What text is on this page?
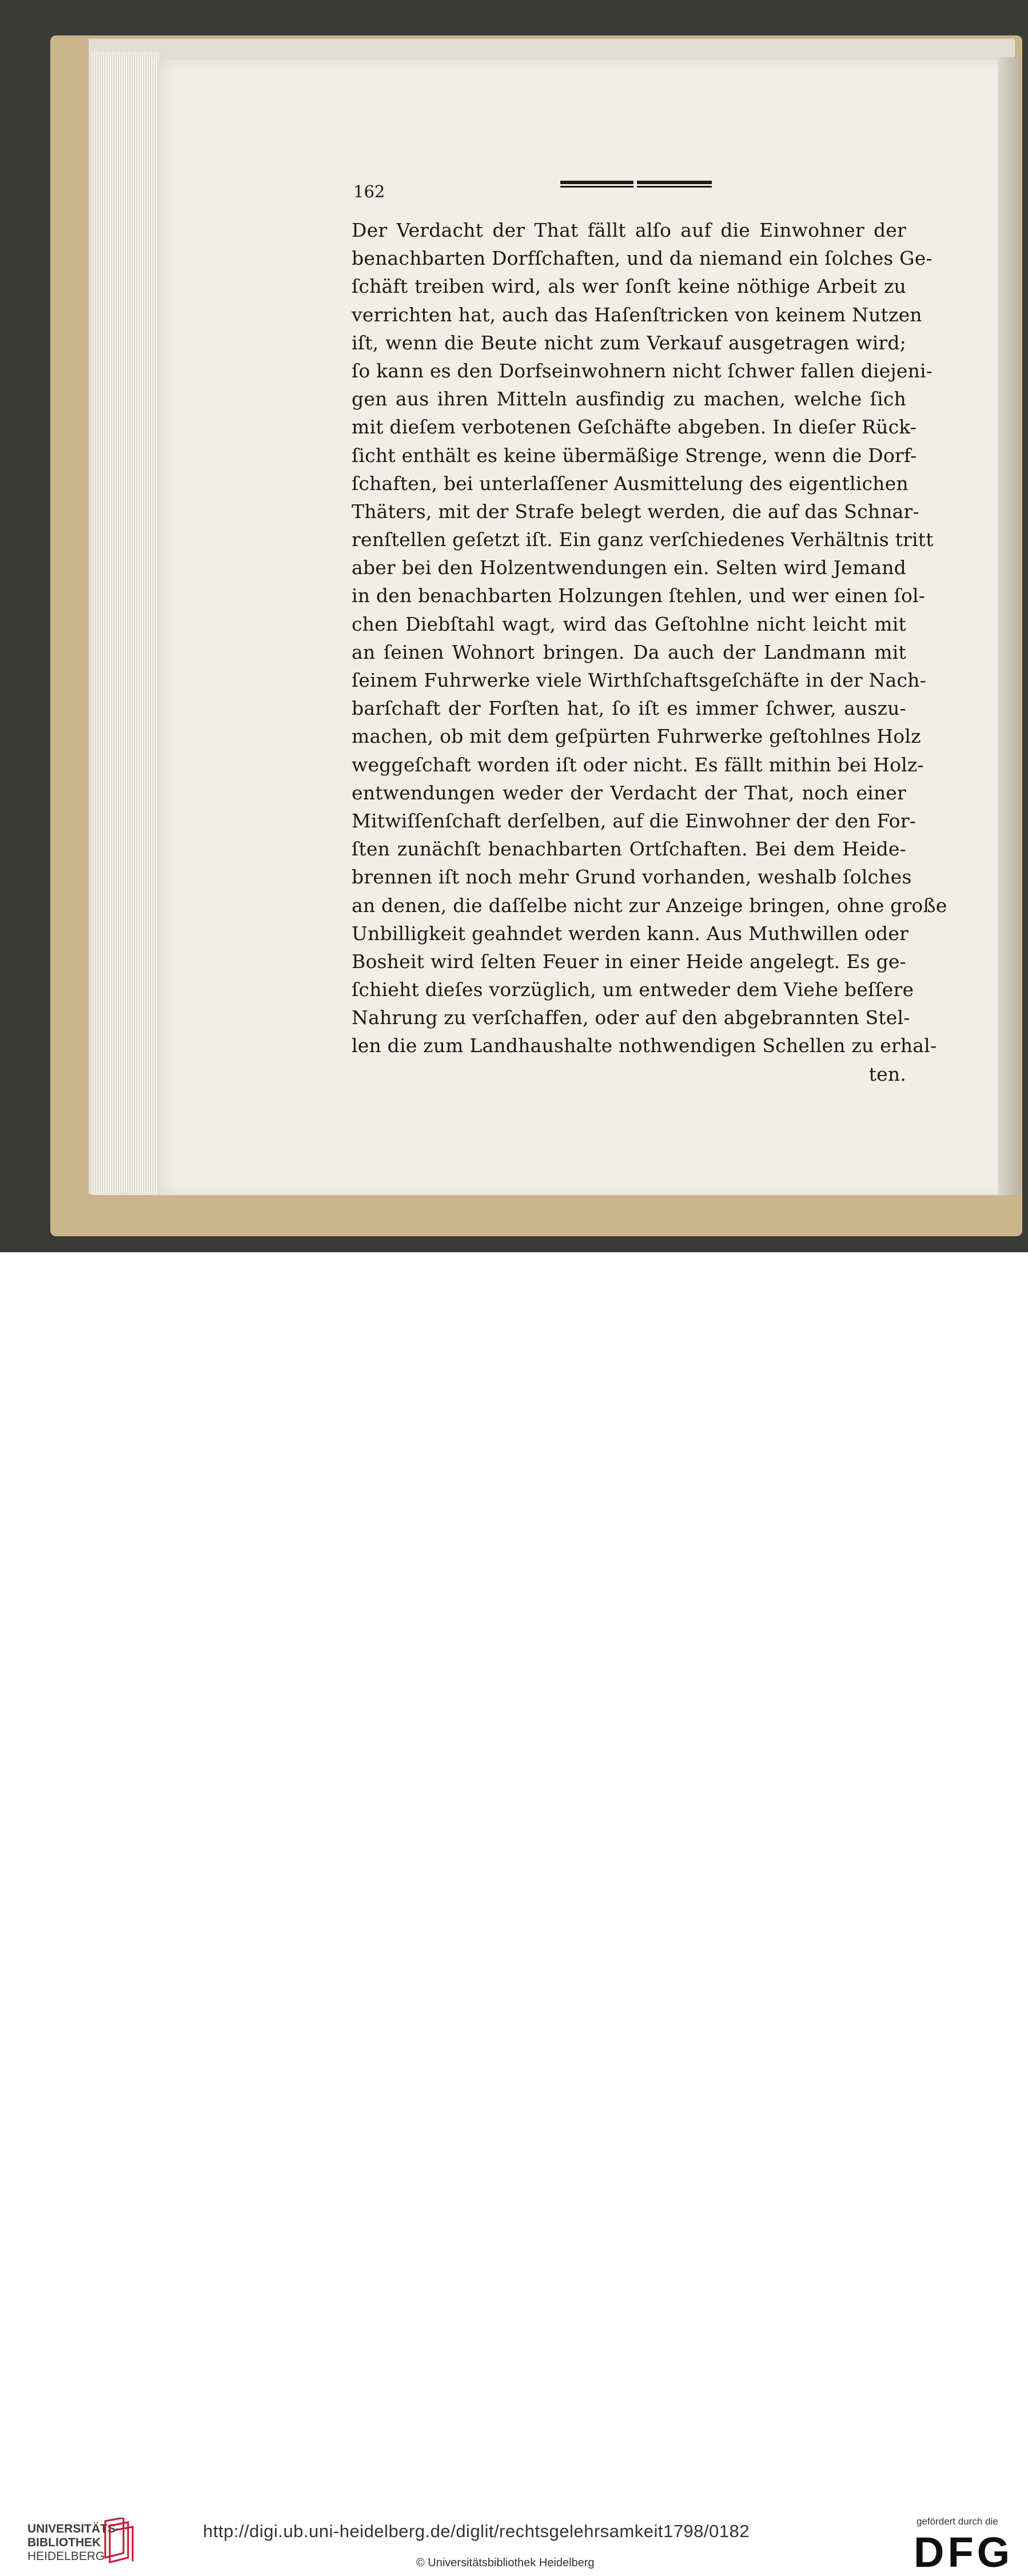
162
Der Verdacht der That fällt alſo auf die Einwohner der
benachbarten Dorfſchaften, und da niemand ein ſolches Ge-
ſchäft treiben wird, als wer ſonſt keine nöthige Arbeit zu
verrichten hat, auch das Haſenſtricken von keinem Nutzen
iſt, wenn die Beute nicht zum Verkauf ausgetragen wird;
ſo kann es den Dorfseinwohnern nicht ſchwer fallen diejeni-
gen aus ihren Mitteln ausfindig zu machen, welche ſich
mit dieſem verbotenen Geſchäfte abgeben. In dieſer Rück-
ſicht enthält es keine übermäßige Strenge, wenn die Dorf-
ſchaften, bei unterlaſſener Ausmittelung des eigentlichen
Thäters, mit der Strafe belegt werden, die auf das Schnar-
renſtellen geſetzt iſt. Ein ganz verſchiedenes Verhältnis tritt
aber bei den Holzentwendungen ein. Selten wird Jemand
in den benachbarten Holzungen ſtehlen, und wer einen ſol-
chen Diebſtahl wagt, wird das Geſtohlne nicht leicht mit
an ſeinen Wohnort bringen. Da auch der Landmann mit
ſeinem Fuhrwerke viele Wirthſchaftsgeſchäfte in der Nach-
barſchaft der Forſten hat, ſo iſt es immer ſchwer, auszu-
machen, ob mit dem geſpürten Fuhrwerke geſtohlnes Holz
weggeſchaft worden iſt oder nicht. Es fällt mithin bei Holz-
entwendungen weder der Verdacht der That, noch einer
Mitwiſſenſchaft derſelben, auf die Einwohner der den For-
ſten zunächſt benachbarten Ortſchaften. Bei dem Heide-
brennen iſt noch mehr Grund vorhanden, weshalb ſolches
an denen, die daſſelbe nicht zur Anzeige bringen, ohne große
Unbilligkeit geahndet werden kann. Aus Muthwillen oder
Bosheit wird ſelten Feuer in einer Heide angelegt. Es ge-
ſchieht dieſes vorzüglich, um entweder dem Viehe beſſere
Nahrung zu verſchaffen, oder auf den abgebrannten Stel-
len die zum Landhaushalte nothwendigen Schellen zu erhal-
ten.
UNIVERSITÄTS-
BIBLIOTHEK
HEIDELBERG
http://digi.ub.uni-heidelberg.de/diglit/rechtsgelehrsamkeit1798/0182
© Universitätsbibliothek Heidelberg
gefördert durch die
DFG
